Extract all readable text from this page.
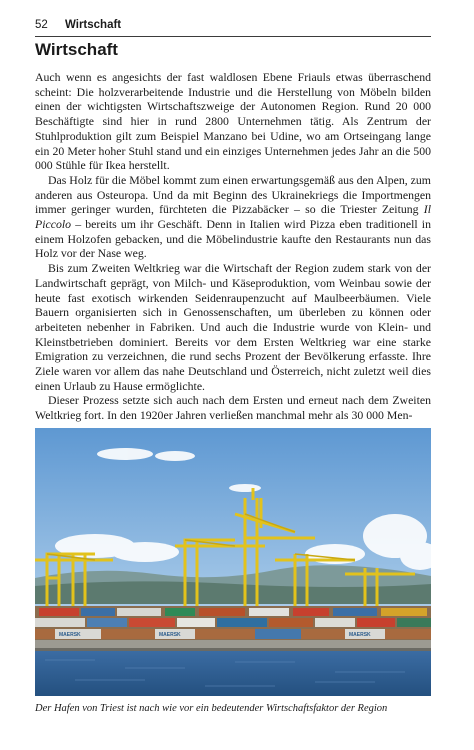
52 Wirtschaft
Wirtschaft

Auch wenn es angesichts der fast waldlosen Ebene Friauls etwas überraschend scheint: Die holzverarbeitende Industrie und die Herstellung von Möbeln bilden einen der wichtigsten Wirtschaftszweige der Autonomen Region. Rund 20 000 Beschäftigte sind hier in rund 2800 Unternehmen tätig. Als Zentrum der Stuhlproduktion gilt zum Beispiel Manzano bei Udine, wo am Ortseingang lange ein 20 Meter hoher Stuhl stand und ein einziges Unternehmen jedes Jahr an die 500 000 Stühle für Ikea herstellt.

Das Holz für die Möbel kommt zum einen erwartungsgemäß aus den Alpen, zum anderen aus Osteuropa. Und da mit Beginn des Ukrainekriegs die Importmengen immer geringer wurden, fürchteten die Pizzabäcker – so die Triester Zeitung Il Piccolo – bereits um ihr Geschäft. Denn in Italien wird Pizza eben traditionell in einem Holzofen gebacken, und die Möbelindustrie kaufte den Restaurants nun das Holz vor der Nase weg.

Bis zum Zweiten Weltkrieg war die Wirtschaft der Region zudem stark von der Landwirtschaft geprägt, von Milch- und Käseproduktion, vom Weinbau sowie der heute fast exotisch wirkenden Seidenraupenzucht auf Maulbeerbäumen. Viele Bauern organisierten sich in Genossenschaften, um überleben zu können oder arbeiteten nebenher in Fabriken. Und auch die Industrie wurde von Klein- und Kleinstbetrieben dominiert. Bereits vor dem Ersten Weltkrieg war eine starke Emigration zu verzeichnen, die rund sechs Prozent der Bevölkerung erfasste. Ihre Ziele waren vor allem das nahe Deutschland und Österreich, nicht zuletzt weil dies einen Urlaub zu Hause ermöglichte.

Dieser Prozess setzte sich auch nach dem Ersten und erneut nach dem Zweiten Weltkrieg fort. In den 1920er Jahren verließen manchmal mehr als 30 000 Men-

MAERSK	MAERSK	MAERSK
Der Hafen von Triest ist nach wie vor ein bedeutender Wirtschaftsfaktor der Region
